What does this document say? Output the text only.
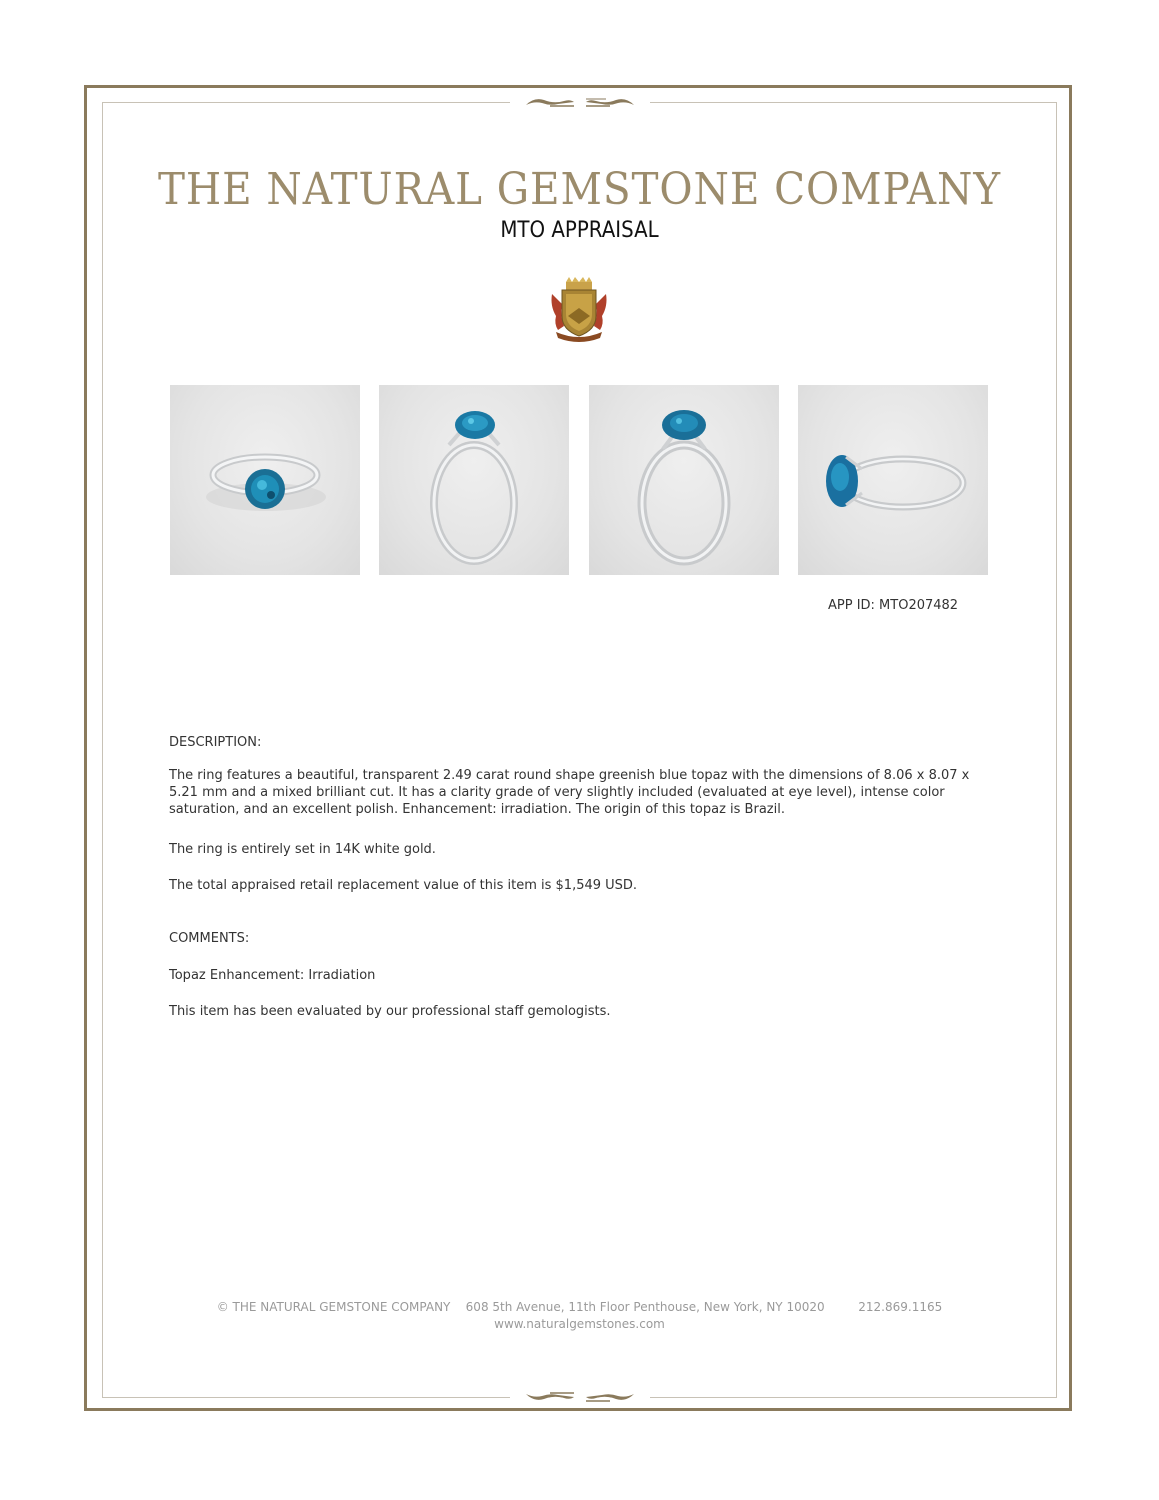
THE NATURAL GEMSTONE COMPANY
MTO APPRAISAL
APP ID: MTO207482
DESCRIPTION:
The ring features a beautiful, transparent 2.49 carat round shape greenish blue topaz with the dimensions of 8.06 x 8.07 x 5.21 mm and a mixed brilliant cut. It has a clarity grade of very slightly included (evaluated at eye level), intense color saturation, and an excellent polish. Enhancement: irradiation. The origin of this topaz is Brazil.
The ring is entirely set in 14K white gold.
The total appraised retail replacement value of this item is $1,549 USD.
COMMENTS:
Topaz Enhancement: Irradiation
This item has been evaluated by our professional staff gemologists.
© THE NATURAL GEMSTONE COMPANY 608 5th Avenue, 11th Floor Penthouse, New York, NY 10020	212.869.1165
www.naturalgemstones.com
